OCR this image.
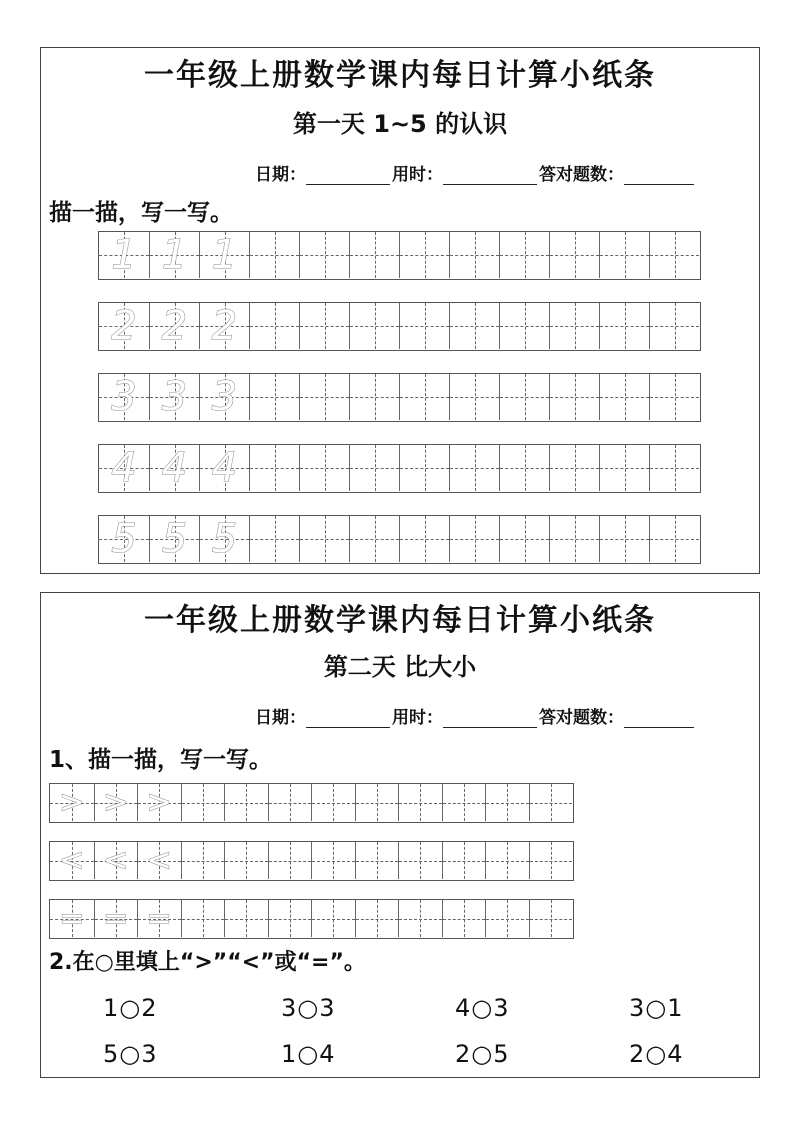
一年级上册数学课内每日计算小纸条
第一天 1~5 的认识
日期：	用时：	答对题数：
描一描，写一写。
1 1 1
2 2 2
3 3 3
4 4 4
5 5 5
一年级上册数学课内每日计算小纸条
第二天 比大小
日期：	用时：	答对题数：
1、描一描，写一写。
> > >
< < <
= = =
2.在○里填上“>”“<”或“=”。
1○2	3○3	4○3	3○1
5○3	1○4	2○5	2○4
